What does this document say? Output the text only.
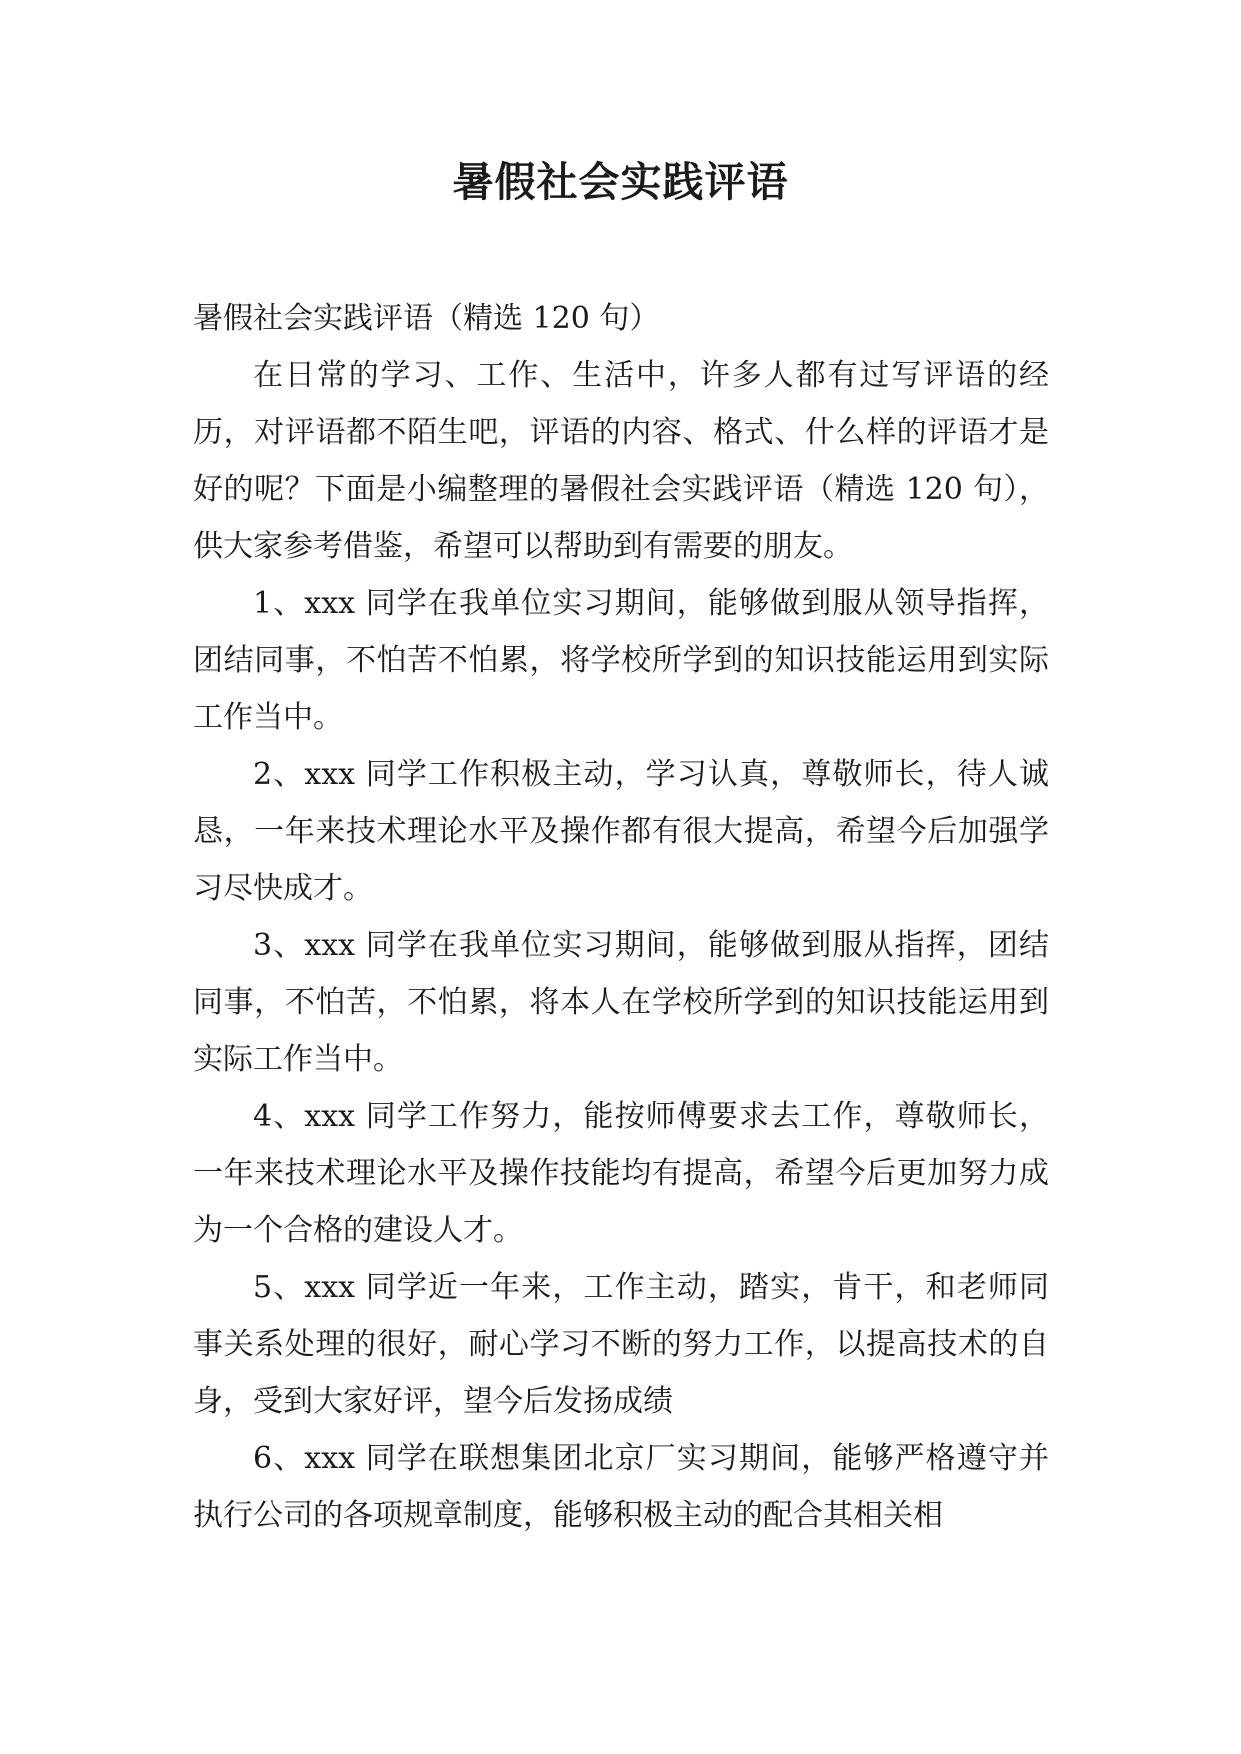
暑假社会实践评语

暑假社会实践评语（精选 120 句）

在日常的学习、工作、生活中，许多人都有过写评语的经历，对评语都不陌生吧，评语的内容、格式、什么样的评语才是好的呢？下面是小编整理的暑假社会实践评语（精选 120 句），供大家参考借鉴，希望可以帮助到有需要的朋友。

1、xxx 同学在我单位实习期间，能够做到服从领导指挥，团结同事，不怕苦不怕累，将学校所学到的知识技能运用到实际工作当中。

2、xxx 同学工作积极主动，学习认真，尊敬师长，待人诚恳，一年来技术理论水平及操作都有很大提高，希望今后加强学习尽快成才。

3、xxx 同学在我单位实习期间，能够做到服从指挥，团结同事，不怕苦，不怕累，将本人在学校所学到的知识技能运用到实际工作当中。

4、xxx 同学工作努力，能按师傅要求去工作，尊敬师长，一年来技术理论水平及操作技能均有提高，希望今后更加努力成为一个合格的建设人才。

5、xxx 同学近一年来，工作主动，踏实，肯干，和老师同事关系处理的很好，耐心学习不断的努力工作，以提高技术的自身，受到大家好评，望今后发扬成绩

6、xxx 同学在联想集团北京厂实习期间，能够严格遵守并执行公司的各项规章制度，能够积极主动的配合其相关相
